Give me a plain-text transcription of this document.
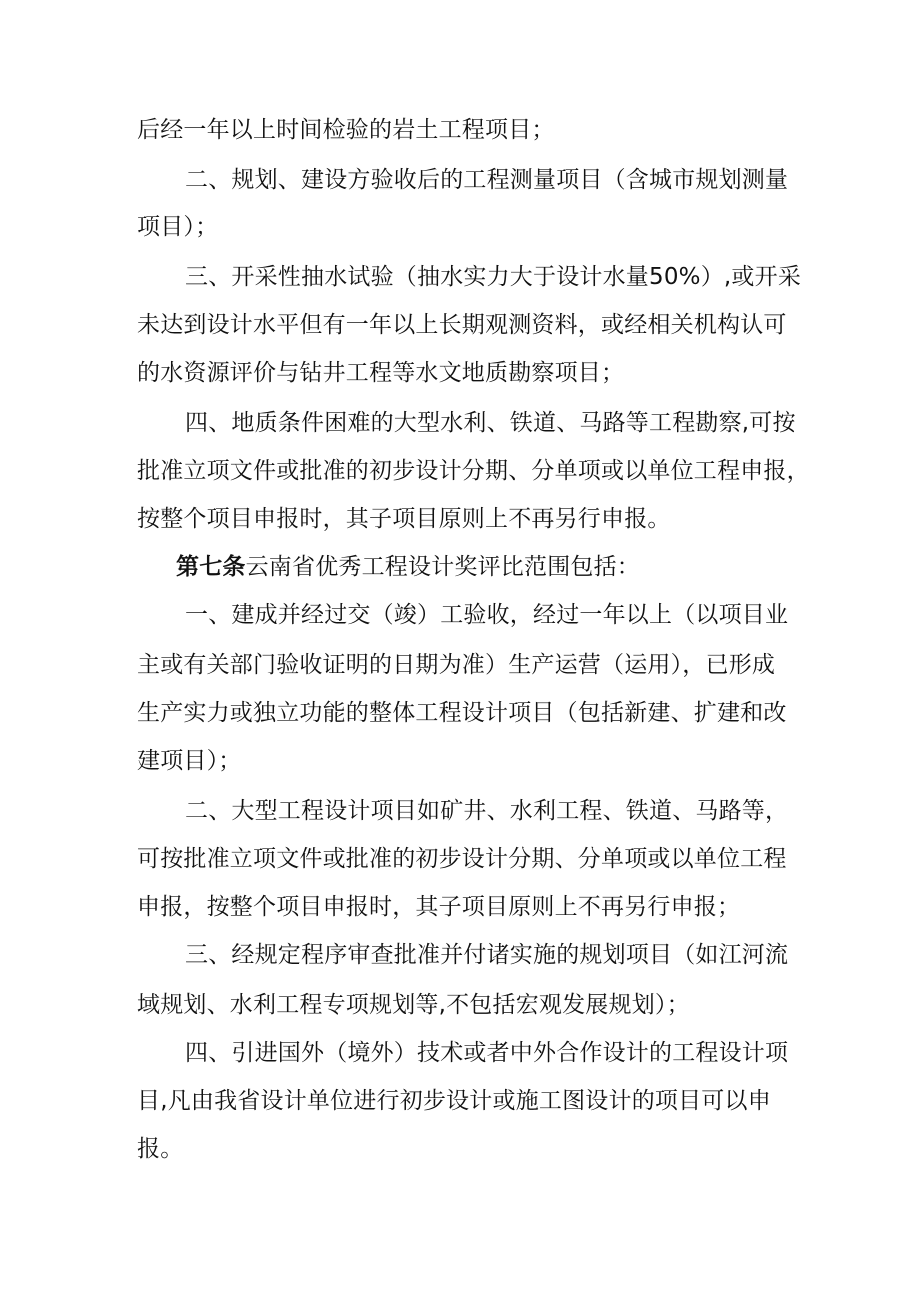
后经一年以上时间检验的岩土工程项目；
二、规划、建设方验收后的工程测量项目（含城市规划测量
项目）；
三、开采性抽水试验（抽水实力大于设计水量50%）,或开采
未达到设计水平但有一年以上长期观测资料，或经相关机构认可
的水资源评价与钻井工程等水文地质勘察项目；
四、地质条件困难的大型水利、铁道、马路等工程勘察,可按
批准立项文件或批准的初步设计分期、分单项或以单位工程申报，
按整个项目申报时，其子项目原则上不再另行申报。
第七条云南省优秀工程设计奖评比范围包括：
一、建成并经过交（竣）工验收，经过一年以上（以项目业
主或有关部门验收证明的日期为准）生产运营（运用），已形成
生产实力或独立功能的整体工程设计项目（包括新建、扩建和改
建项目）；
二、大型工程设计项目如矿井、水利工程、铁道、马路等，
可按批准立项文件或批准的初步设计分期、分单项或以单位工程
申报，按整个项目申报时，其子项目原则上不再另行申报；
三、经规定程序审查批准并付诸实施的规划项目（如江河流
域规划、水利工程专项规划等,不包括宏观发展规划）；
四、引进国外（境外）技术或者中外合作设计的工程设计项
目,凡由我省设计单位进行初步设计或施工图设计的项目可以申
报。
